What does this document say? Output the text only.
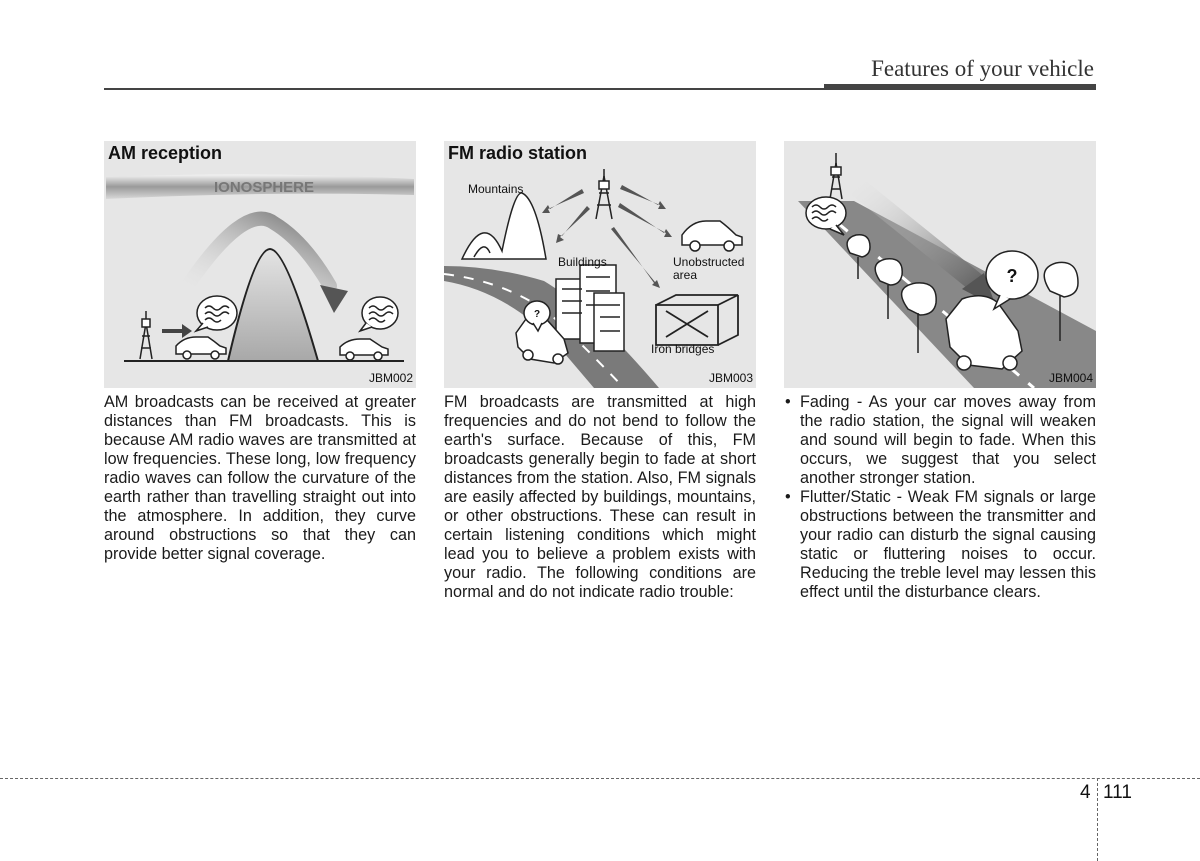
Features of your vehicle
IONOSPHERE
AM reception
JBM002
?
Mountains
Buildings	Unobstructed
area
Iron bridges
FM radio station
JBM003
?
JBM004

AM broadcasts can be received at greater distances than FM broadcasts. This is because AM radio waves are transmitted at low frequencies. These long, low frequency radio waves can follow the curvature of the earth rather than travelling straight out into the atmosphere. In addition, they curve around obstructions so that they can provide better signal coverage.

FM broadcasts are transmitted at high frequencies and do not bend to follow the earth's surface. Because of this, FM broadcasts generally begin to fade at short distances from the station. Also, FM signals are easily affected by buildings, mountains, or other obstructions. These can result in certain listening conditions which might lead you to believe a problem exists with your radio. The following conditions are normal and do not indicate radio trouble:

• Fading - As your car moves away from the radio station, the signal will weaken and sound will begin to fade. When this occurs, we suggest that you select another stronger station.
• Flutter/Static - Weak FM signals or large obstructions between the transmitter and your radio can disturb the signal causing static or fluttering noises to occur. Reducing the treble level may lessen this effect until the disturbance clears.
4 111
